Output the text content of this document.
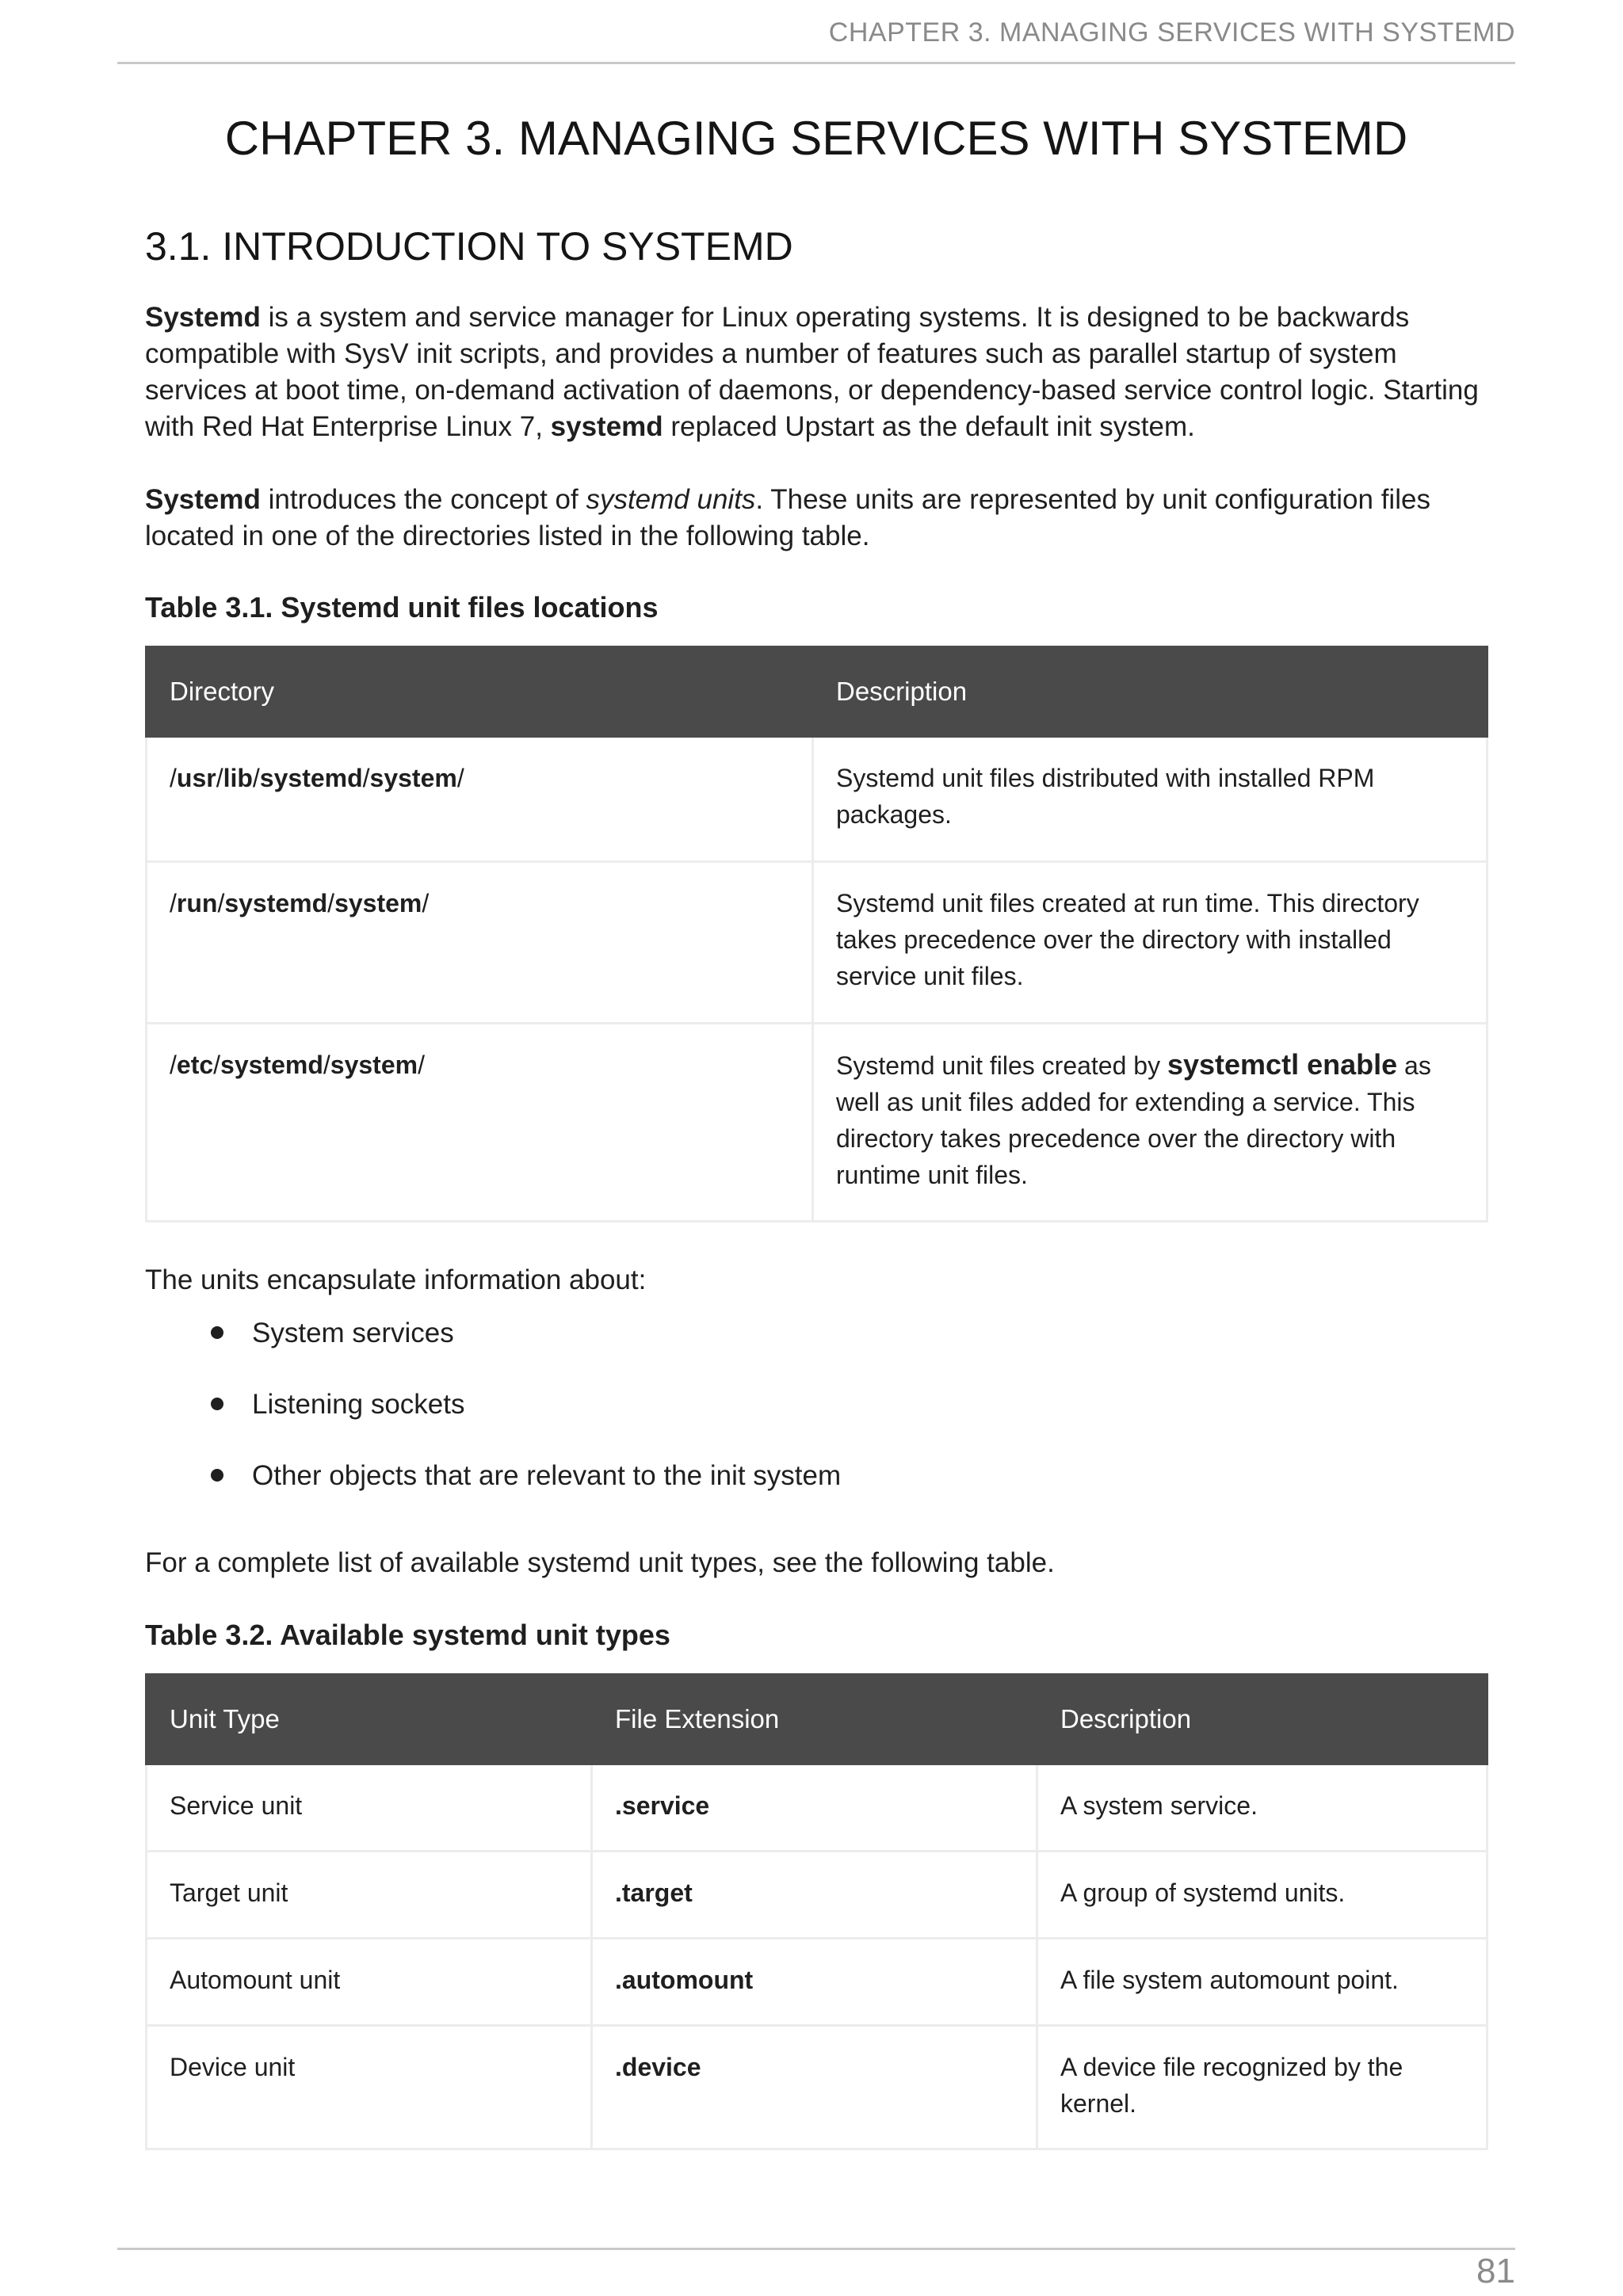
CHAPTER 3. MANAGING SERVICES WITH SYSTEMD
CHAPTER 3. MANAGING SERVICES WITH SYSTEMD
3.1. INTRODUCTION TO SYSTEMD

Systemd is a system and service manager for Linux operating systems. It is designed to be backwards compatible with SysV init scripts, and provides a number of features such as parallel startup of system services at boot time, on-demand activation of daemons, or dependency-based service control logic. Starting with Red Hat Enterprise Linux 7, systemd replaced Upstart as the default init system.

Systemd introduces the concept of systemd units. These units are represented by unit configuration files located in one of the directories listed in the following table.

Table 3.1. Systemd unit files locations

Directory	Description
/usr/lib/systemd/system/	Systemd unit files distributed with installed RPM packages.
/run/systemd/system/	Systemd unit files created at run time. This directory takes precedence over the directory with installed service unit files.
/etc/systemd/system/	Systemd unit files created by systemctl enable as well as unit files added for extending a service. This directory takes precedence over the directory with runtime unit files.

The units encapsulate information about:

System services
Listening sockets
Other objects that are relevant to the init system

For a complete list of available systemd unit types, see the following table.

Table 3.2. Available systemd unit types

Unit Type	File Extension	Description
Service unit	.service	A system service.
Target unit	.target	A group of systemd units.
Automount unit	.automount	A file system automount point.
Device unit	.device	A device file recognized by the kernel.
81
